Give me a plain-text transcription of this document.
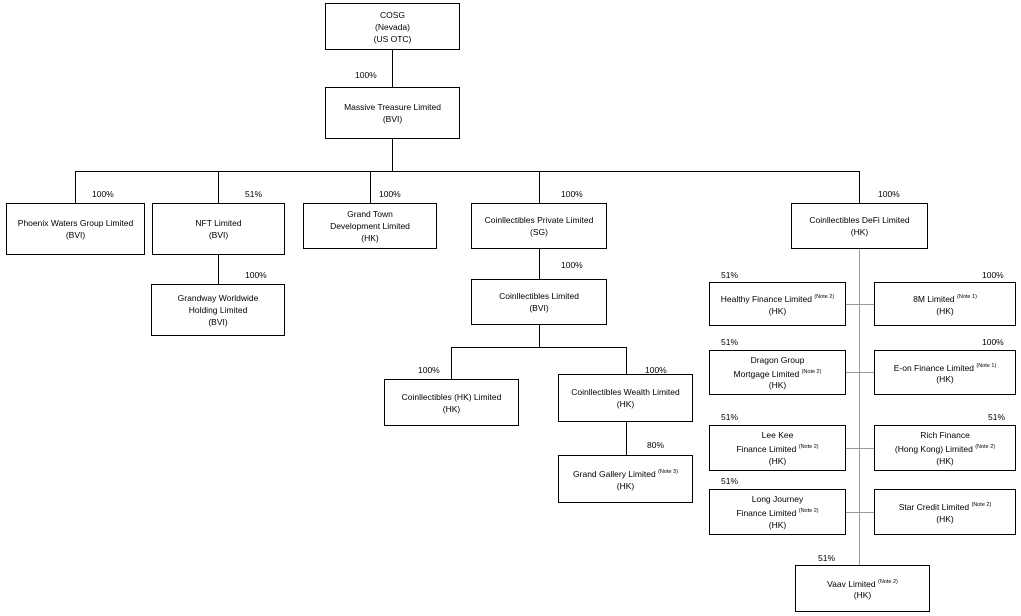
COSG
(Nevada)
(US OTC)
Massive Treasure Limited
(BVI)
Phoenix Waters Group Limited
(BVI)
NFT Limited
(BVI)
Grand Town
Development Limited
(HK)
Coinllectibles Private Limited
(SG)
Coinllectibles DeFi Limited
(HK)
Grandway Worldwide
Holding Limited
(BVI)
Coinllectibles Limited
(BVI)
Coinllectibles (HK) Limited
(HK)
Coinllectibles Wealth Limited
(HK)
Grand Gallery Limited $^{(Note 3)}$
(HK)
Healthy Finance Limited $^{(Note 2)}$
(HK)
8M Limited $^{(Note 1)}$
(HK)
Dragon Group
Mortgage Limited $^{(Note 2)}$
(HK)
E-on Finance Limited $^{(Note 1)}$
(HK)
Lee Kee
Finance Limited $^{(Note 2)}$
(HK)
Rich Finance
(Hong Kong) Limited $^{(Note 2)}$
(HK)
Long Journey
Finance Limited $^{(Note 2)}$
(HK)
Star Credit Limited $^{(Note 2)}$
(HK)
Vaav Limited $^{(Note 2)}$
(HK)
100%
100%	51%	100%	100%	100%
100%
100%
100%	100%
80%
51%	100%
51%	100%
51%	51%
51%
51%
